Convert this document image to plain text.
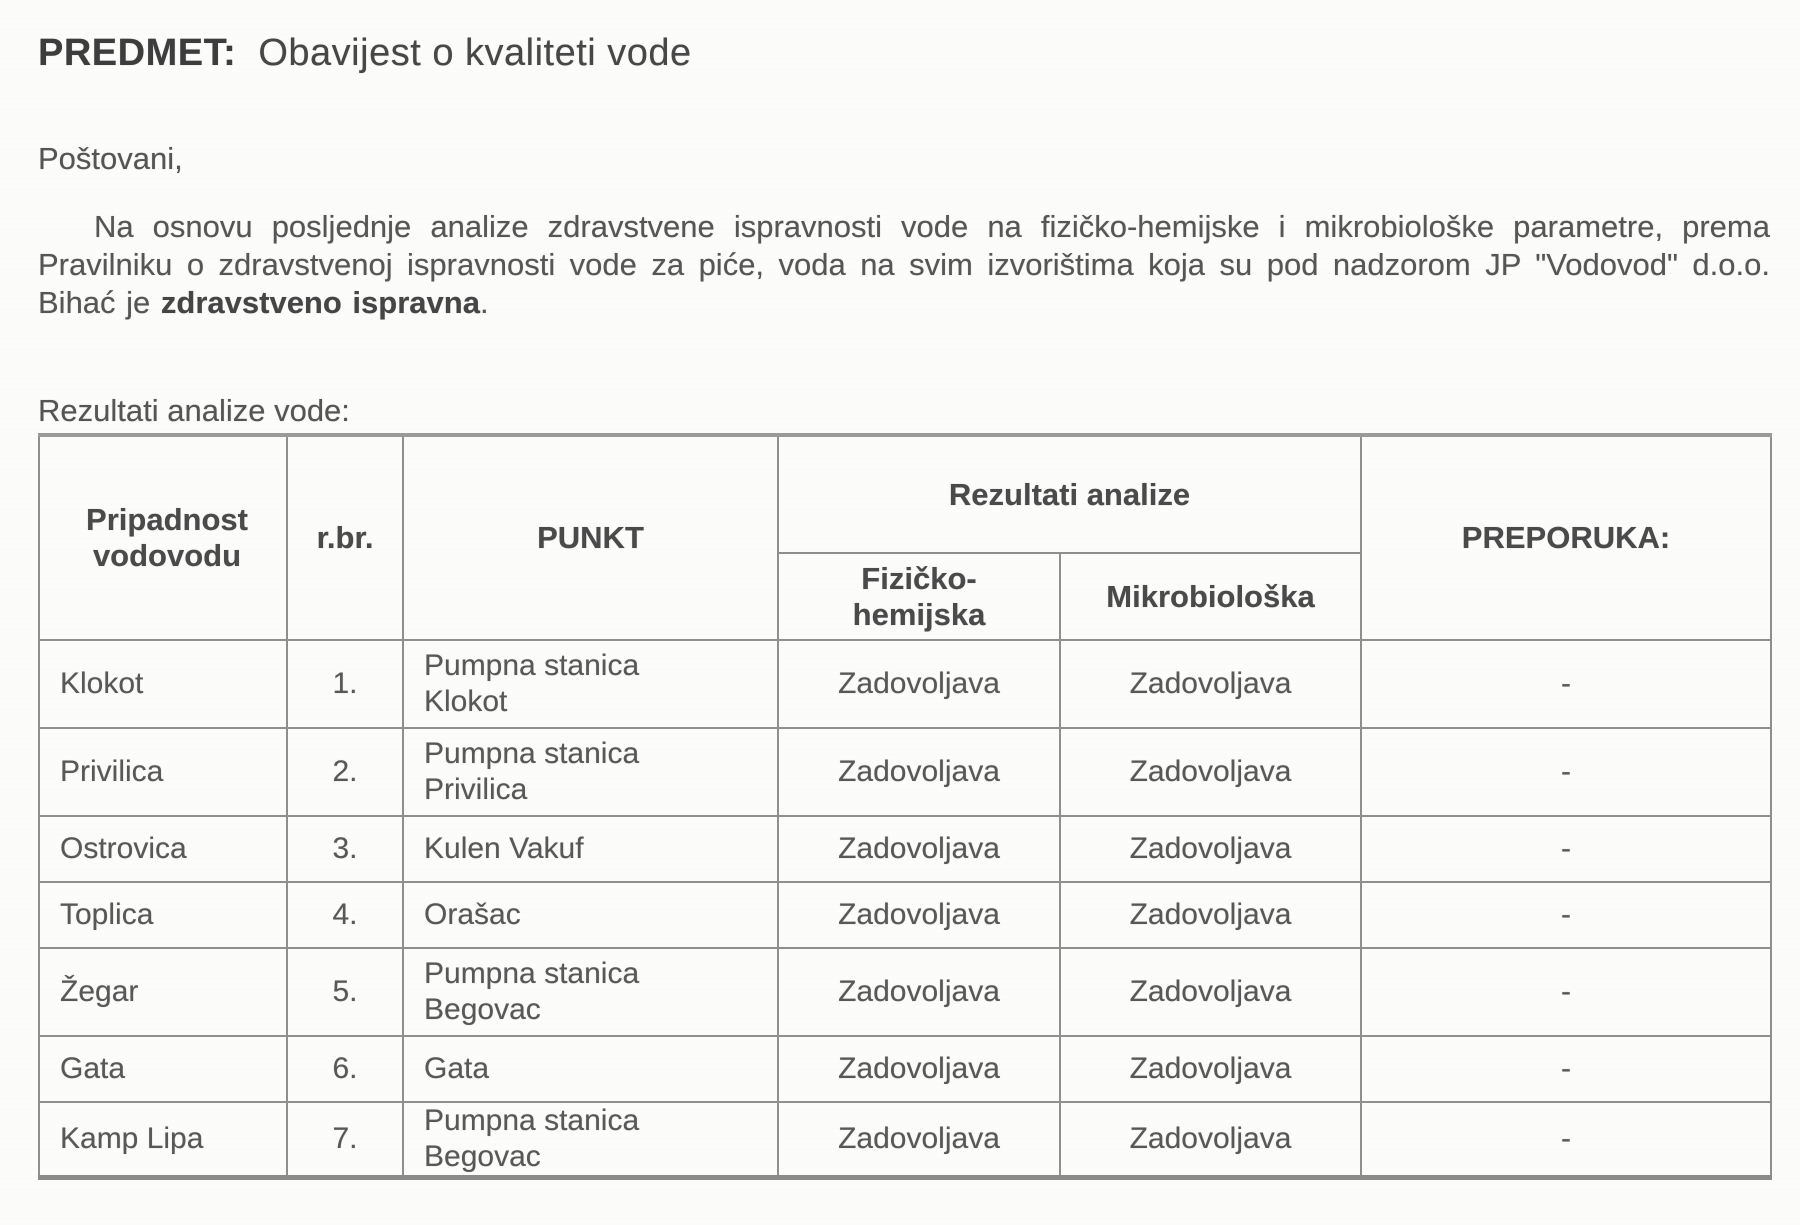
PREDMET: Obavijest o kvaliteti vode
Poštovani,
Na osnovu posljednje analize zdravstvene ispravnosti vode na fizičko-hemijske i mikrobiološke parametre, prema Pravilniku o zdravstvenoj ispravnosti vode za piće, voda na svim izvorištima koja su pod nadzorom JP "Vodovod" d.o.o. Bihać je zdravstveno ispravna.
Rezultati analize vode:
Pripadnost vodovodu	r.br.	PUNKT	Rezultati analize		PREPORUKA:
			Fizičko-hemijska	Mikrobiološka	
Klokot	1.	Pumpna stanica Klokot	Zadovoljava	Zadovoljava	-
Privilica	2.	Pumpna stanica Privilica	Zadovoljava	Zadovoljava	-
Ostrovica	3.	Kulen Vakuf	Zadovoljava	Zadovoljava	-
Toplica	4.	Orašac	Zadovoljava	Zadovoljava	-
Žegar	5.	Pumpna stanica Begovac	Zadovoljava	Zadovoljava	-
Gata	6.	Gata	Zadovoljava	Zadovoljava	-
Kamp Lipa	7.	Pumpna stanica Begovac	Zadovoljava	Zadovoljava	-
